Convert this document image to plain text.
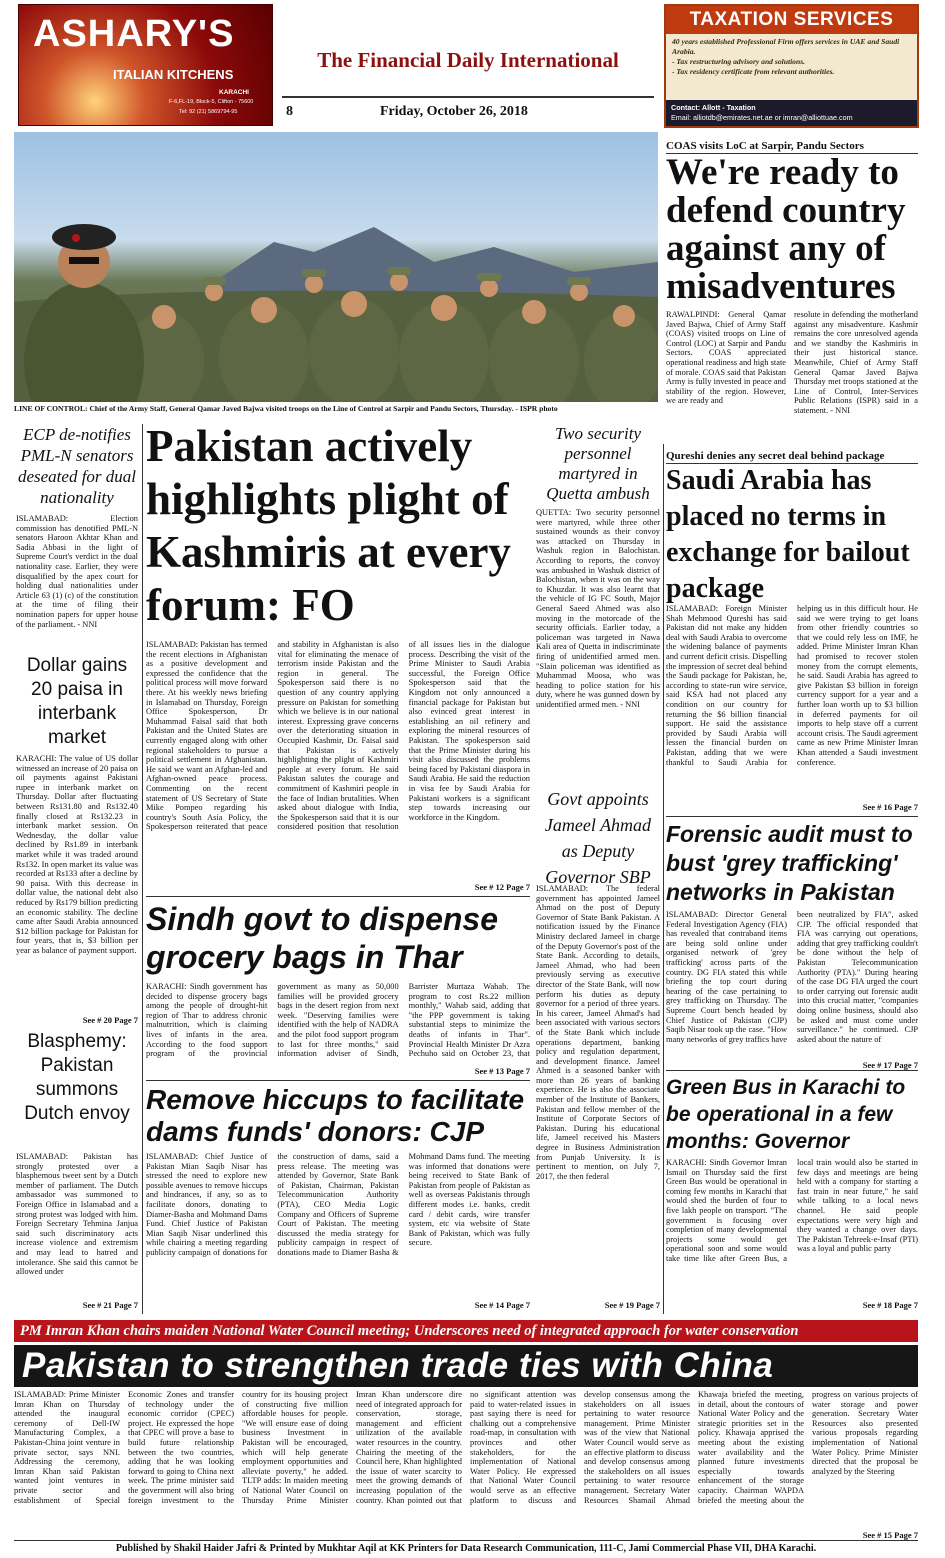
ASHARY'S
ITALIAN KITCHENS
KARACHI
F-6,FL-19, Block-5, Clifton - 75600
Tel: 92 (21) 5869794-95
The Financial Daily International
8	Friday, October 26, 2018
TAXATION SERVICES
40 years established Professional Firm offers services in UAE and Saudi Arabia.
- Tax restructuring advisory and solutions.
- Tax residency certificate from relevant authorities.
Contact: Allott - Taxation
Email: alliotdb@emirates.net.ae or imran@alliottuae.com
LINE OF CONTROL: Chief of the Army Staff, General Qamar Javed Bajwa visited troops on the Line of Control at Sarpir and Pandu Sectors, Thursday. - ISPR photo
COAS visits LoC at Sarpir, Pandu Sectors
We're ready to defend country against any of misadventures
RAWALPINDI: General Qamar Javed Bajwa, Chief of Army Staff (COAS) visited troops on Line of Control (LOC) at Sarpir and Pandu Sectors. COAS appreciated operational readiness and high state of morale. COAS said that Pakistan Army is fully invested in peace and stability of the region. However, we are ready and
resolute in defending the motherland against any misadventure. Kashmir remains the core unresolved agenda and we standby the Kashmiris in their just historical stance. Meanwhile, Chief of Army Staff General Qamar Javed Bajwa Thursday met troops stationed at the Line of Control, Inter-Services Public Relations (ISPR) said in a statement. - NNI
ECP de-notifies PML-N senators deseated for dual nationality
ISLAMABAD: Election commission has denotified PML-N senators Haroon Akhtar Khan and Sadia Abbasi in the light of Supreme Court's verdict in the dual nationality case. Earlier, they were disqualified by the apex court for holding dual nationalities under Article 63 (1) (c) of the constitution at the time of filing their nomination papers for upper house of the parliament. - NNI
Dollar gains 20 paisa in interbank market
KARACHI: The value of US dollar witnessed an increase of 20 paisa on oil payments against Pakistani rupee in interbank market on Thursday. Dollar after fluctuating between Rs131.80 and Rs132.40 finally closed at Rs132.23 in interbank market session. On Wednesday, the dollar value declined by Rs1.89 in interbank market while it was traded around Rs132. In open market its value was recorded at Rs133 after a decline by 90 paisa. With this decrease in dollar value, the national debt also reduced by Rs179 billion predicting an economic stability. The decline came after Saudi Arabia announced $12 billion package for Pakistan for four years, that is, $3 billion per year as balance of payment support.
See # 20 Page 7
Blasphemy: Pakistan summons Dutch envoy
ISLAMABAD: Pakistan has strongly protested over a blasphemous tweet sent by a Dutch member of parliament. The Dutch ambassador was summoned to Foreign Office in Islamabad and a strong protest was lodged with him. Foreign Secretary Tehmina Janjua said such discriminatory acts increase violence and extremism and may lead to hatred and intolerance. She said this cannot be allowed under
See # 21 Page 7
Pakistan actively highlights plight of Kashmiris at every forum: FO
ISLAMABAD: Pakistan has termed the recent elections in Afghanistan as a positive development and expressed the confidence that the political process will move forward there. At his weekly news briefing in Islamabad on Thursday, Foreign Office Spokesperson, Dr Muhammad Faisal said that both Pakistan and the United States are currently engaged along with other regional stakeholders to pursue a political settlement in Afghanistan. He said we want an Afghan-led and Afghan-owned peace process. Commenting on the recent statement of US Secretary of State Mike Pompeo regarding his country's South Asia Policy, the Spokesperson reiterated that peace and stability in Afghanistan is also vital for eliminating the menace of terrorism inside Pakistan and the region in general. The Spokesperson said there is no question of any country applying pressure on Pakistan for something which we believe is in our national interest. Expressing grave concerns over the deteriorating situation in Occupied Kashmir, Dr. Faisal said that Pakistan is actively highlighting the plight of Kashmiri people at every forum. He said Pakistan salutes the courage and commitment of Kashmiri people in the face of Indian brutalities. When asked about dialogue with India, the Spokesperson said that it is our considered position that resolution of all issues lies in the dialogue process. Describing the visit of the Prime Minister to Saudi Arabia successful, the Foreign Office Spokesperson said that the Kingdom not only announced a financial package for Pakistan but also evinced great interest in establishing an oil refinery and exploring the mineral resources of Pakistan. The spokesperson said that the Prime Minister during his visit also discussed the problems being faced by Pakistani diaspora in Saudi Arabia. He said the reduction in visa fee by Saudi Arabia for Pakistani workers is a significant step towards increasing our workforce in the Kingdom.
See # 12 Page 7
Two security personnel martyred in Quetta ambush
QUETTA: Two security personnel were martyred, while three other sustained wounds as their convoy was attacked on Thursday in Washuk region in Balochistan. According to reports, the convoy was ambushed in Washuk district of Balochistan, when it was on the way to Khuzdar. It was also learnt that the vehicle of IG FC South, Major General Saeed Ahmed was also moving in the motorcade of the security officials. Earlier today, a policeman was targeted in Nawa Kali area of Quetta in indiscriminate firing of unidentified armed men. "Slain policeman was identified as Muhammad Moosa, who was heading to police station for his duty, where he was gunned down by unidentified armed men. - NNI
Govt appoints Jameel Ahmad as Deputy Governor SBP
ISLAMABAD: The federal government has appointed Jameel Ahmad on the post of Deputy Governor of State Bank Pakistan. A notification issued by the Finance Ministry declared Jameel in charge of the Deputy Governor's post of the State Bank. According to details, Jameel Ahmad, who had been previously serving as executive director of the State Bank, will now perform his duties as deputy governor for a period of three years. In his career, Jameel Ahmad's had been associated with various sectors of the State Bank which include operations department, banking policy and regulation department, and development finance. Jameel Ahmed is a seasoned banker with more than 26 years of banking experience. He is also the associate member of the Institute of Bankers, Pakistan and fellow member of the Institute of Corporate Sectors of Pakistan. During his educational life, Jameel received his Masters degree in Business Administration from Punjab University. It is pertinent to mention, on July 7, 2017, the then federal
See # 19 Page 7
Qureshi denies any secret deal behind package
Saudi Arabia has placed no terms in exchange for bailout package
ISLAMABAD: Foreign Minister Shah Mehmood Qureshi has said Pakistan did not make any hidden deal with Saudi Arabia to overcome the widening balance of payments and current deficit crisis. Dispelling the impression of secret deal behind the Saudi package for Pakistan, he, according to state-run wire service, said KSA had not placed any condition on our country for returning the $6 billion financial support. He said the assistance provided by Saudi Arabia will lessen the financial burden on Pakistan, adding that we were thankful to Saudi Arabia for helping us in this difficult hour. He said we were trying to get loans from other friendly countries so that we could rely less on IMF, he added. Prime Minister Imran Khan had promised to recover stolen money from the corrupt elements, he said. Saudi Arabia has agreed to give Pakistan $3 billion in foreign currency support for a year and a further loan worth up to $3 billion in deferred payments for oil imports to help stave off a current account crisis. The Saudi agreement came as new Prime Minister Imran Khan attended a Saudi investment conference.
See # 16 Page 7
Forensic audit must to bust 'grey trafficking' networks in Pakistan
ISLAMABAD: Director General Federal Investigation Agency (FIA) has revealed that contraband items are being sold online under organised network of 'grey trafficking' across parts of the country. DG FIA stated this while briefing the top court during hearing of the case pertaining to grey trafficking on Thursday. The Supreme Court bench headed by Chief Justice of Pakistan (CJP) Saqib Nisar took up the case. "How many networks of grey traffics have been neutralized by FIA", asked CJP. The official responded that FIA was carrying out operations, adding that grey trafficking couldn't be done without the help of Pakistan Telecommunication Authority (PTA)." During hearing of the case DG FIA urged the court to order carrying out forensic audit into this crucial matter, "companies doing online business, should also be asked and must come under surveillance." he continued. CJP asked about the nature of
See # 17 Page 7
Green Bus in Karachi to be operational in a few months: Governor
KARACHI: Sindh Governor Imran Ismail on Thursday said the first Green Bus would be operational in coming few months in Karachi that would shed the burden of four to five lakh people on transport. "The government is focusing over completion of many developmental projects some would get operational soon and some would take time like after Green Bus, a local train would also be started in few days and meetings are being held with a company for starting a fast train in near future," he said while talking to a local news channel. He said people expectations were very high and they wanted a change over days. The Pakistan Tehreek-e-Insaf (PTI) was a loyal and public party
See # 18 Page 7
Sindh govt to dispense grocery bags in Thar
KARACHI: Sindh government has decided to dispense grocery bags among the people of drought-hit region of Thar to address chronic malnutrition, which is claiming lives of infants in the area. According to the food support program of the provincial government as many as 50,000 families will be provided grocery bags in the desert region from next week. "Deserving families were identified with the help of NADRA and the pilot food support program to last for three months," said information adviser of Sindh, Barrister Murtaza Wahab. The program to cost Rs.22 million monthly," Wahab said, adding that "the PPP government is taking substantial steps to minimize the deaths of infants in Thar". Provincial Health Minister Dr Azra Pechuho said on October 23, that
See # 13 Page 7
Remove hiccups to facilitate dams funds' donors: CJP
ISLAMABAD: Chief Justice of Pakistan Mian Saqib Nisar has stressed the need to explore new possible avenues to remove hiccups and hindrances, if any, so as to facilitate donors, donating to Diamer-Basha and Mohmand Dams Fund. Chief Justice of Pakistan Mian Saqib Nisar underlined this while chairing a meeting regarding publicity campaign of donations for the construction of dams, said a press release. The meeting was attended by Governor, State Bank of Pakistan, Chairman, Pakistan Telecommunication Authority (PTA), CEO Media Logic Company and Officers of Supreme Court of Pakistan. The meeting discussed the media strategy for publicity campaign in respect of donations made to Diamer Basha & Mohmand Dams fund. The meeting was informed that donations were being received to State Bank of Pakistan from people of Pakistan as well as overseas Pakistanis through different modes i.e. banks, credit card / debit cards, wire transfer system, etc via website of State Bank of Pakistan, which was fully secure.
See # 14 Page 7
PM Imran Khan chairs maiden National Water Council meeting; Underscores need of integrated approach for water conservation
Pakistan to strengthen trade ties with China
ISLAMABAD: Prime Minister Imran Khan on Thursday attended the inaugural ceremony of Dell-IW Manufacturing Complex, a Pakistan-China joint venture in private sector, says NNI. Addressing the ceremony, Imran Khan said Pakistan wanted joint ventures in private sector and establishment of Special Economic Zones and transfer of technology under the economic corridor (CPEC) project. He expressed the hope that CPEC will prove a base to build future relationship between the two countries, adding that he was looking forward to going to China next week. The prime minister said the government will also bring foreign investment to the country for its housing project of constructing five million affordable houses for people. "We will ensure ease of doing business Investment in Pakistan will be encouraged, which will help generate employment opportunities and alleviate poverty," he added. TLTP adds: In maiden meeting of National Water Council on Thursday Prime Minister Imran Khan underscore dire need of integrated approach for conservation, storage, management and efficient utilization of the available water resources in the country. Chairing the meeting of the Council here, Khan highlighted the issue of water scarcity to meet the growing demands of increasing population of the country. Khan pointed out that no significant attention was paid to water-related issues in past saying there is need for chalking out a comprehensive road-map, in consultation with provinces and other stakeholders, for the implementation of National Water Policy. He expressed that National Water Council would serve as an effective platform to discuss and develop consensus among the stakeholders on all issues pertaining to water resource management. Prime Minister was of the view that National Water Council would serve as an effective platform to discuss and develop consensus among the stakeholders on all issues pertaining to water resource management. Secretary Water Resources Shamail Ahmad Khawaja briefed the meeting, in detail, about the contours of National Water Policy and the strategic priorities set in the policy. Khawaja apprised the meeting about the existing water availability and the planned future investments especially towards enhancement of the storage capacity. Chairman WAPDA briefed the meeting about the progress on various projects of water storage and power generation. Secretary Water Resources also presented various proposals regarding implementation of National Water Policy. Prime Minister directed that the proposal be analyzed by the Steering
See # 15 Page 7
Published by Shakil Haider Jafri & Printed by Mukhtar Aqil at KK Printers for Data Research Communication, 111-C, Jami Commercial Phase VII, DHA Karachi.
